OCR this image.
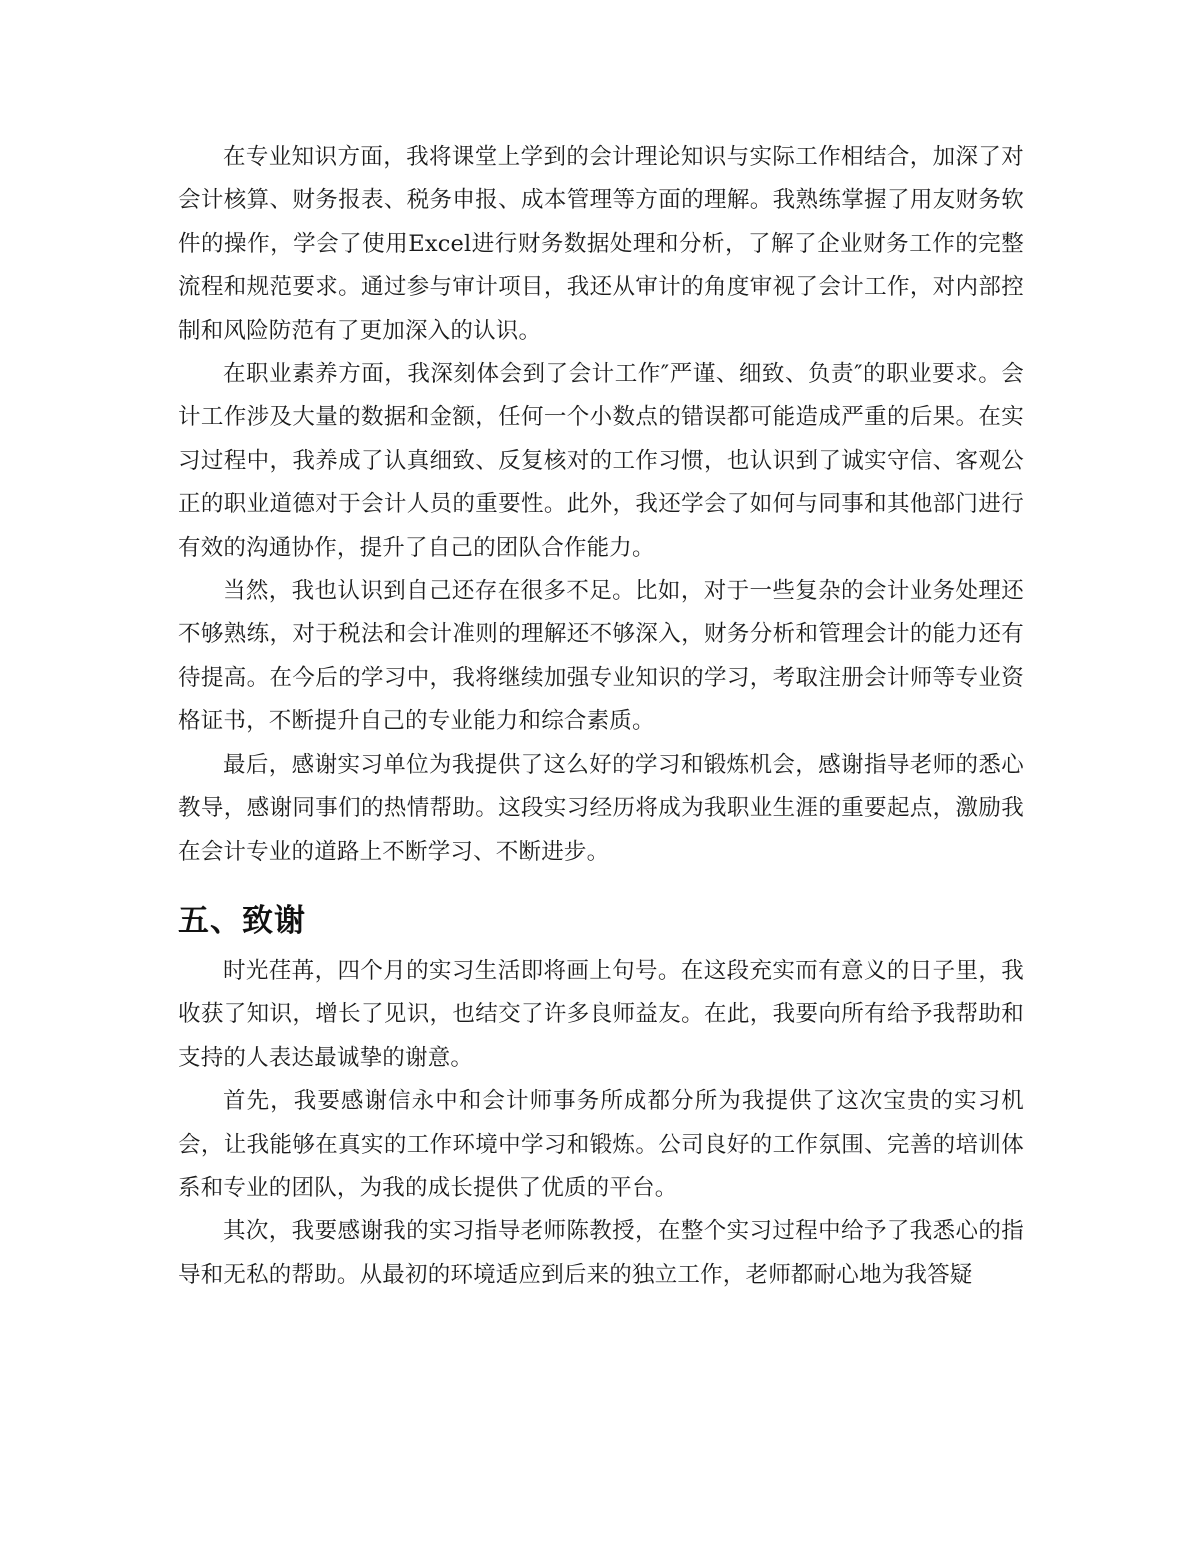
在专业知识方面，我将课堂上学到的会计理论知识与实际工作相结合，加深了对会计核算、财务报表、税务申报、成本管理等方面的理解。我熟练掌握了用友财务软件的操作，学会了使用Excel进行财务数据处理和分析，了解了企业财务工作的完整流程和规范要求。通过参与审计项目，我还从审计的角度审视了会计工作，对内部控制和风险防范有了更加深入的认识。

在职业素养方面，我深刻体会到了会计工作″严谨、细致、负责″的职业要求。会计工作涉及大量的数据和金额，任何一个小数点的错误都可能造成严重的后果。在实习过程中，我养成了认真细致、反复核对的工作习惯，也认识到了诚实守信、客观公正的职业道德对于会计人员的重要性。此外，我还学会了如何与同事和其他部门进行有效的沟通协作，提升了自己的团队合作能力。

当然，我也认识到自己还存在很多不足。比如，对于一些复杂的会计业务处理还不够熟练，对于税法和会计准则的理解还不够深入，财务分析和管理会计的能力还有待提高。在今后的学习中，我将继续加强专业知识的学习，考取注册会计师等专业资格证书，不断提升自己的专业能力和综合素质。

最后，感谢实习单位为我提供了这么好的学习和锻炼机会，感谢指导老师的悉心教导，感谢同事们的热情帮助。这段实习经历将成为我职业生涯的重要起点，激励我在会计专业的道路上不断学习、不断进步。

五、致谢

时光荏苒，四个月的实习生活即将画上句号。在这段充实而有意义的日子里，我收获了知识，增长了见识，也结交了许多良师益友。在此，我要向所有给予我帮助和支持的人表达最诚挚的谢意。

首先，我要感谢信永中和会计师事务所成都分所为我提供了这次宝贵的实习机会，让我能够在真实的工作环境中学习和锻炼。公司良好的工作氛围、完善的培训体系和专业的团队，为我的成长提供了优质的平台。

其次，我要感谢我的实习指导老师陈教授，在整个实习过程中给予了我悉心的指导和无私的帮助。从最初的环境适应到后来的独立工作，老师都耐心地为我答疑
